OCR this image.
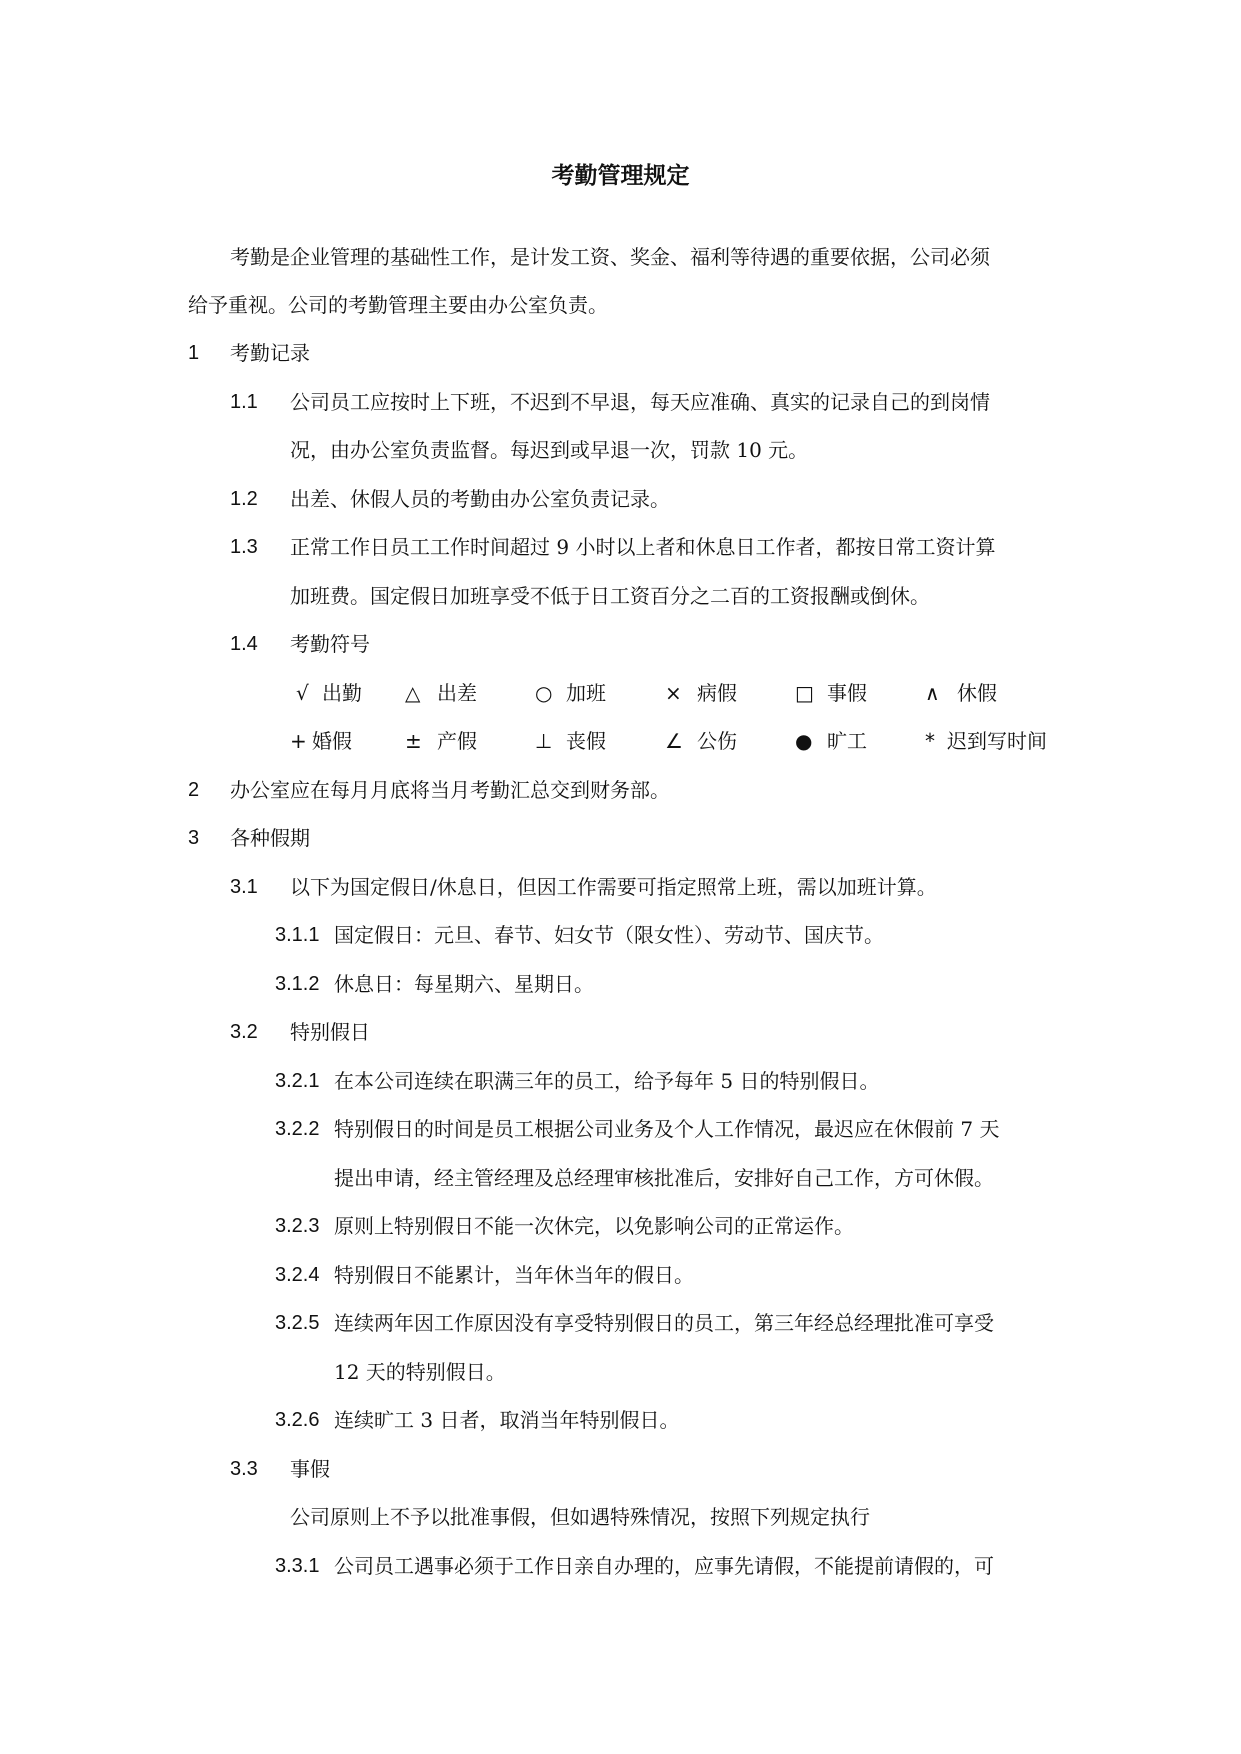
考勤管理规定
考勤是企业管理的基础性工作，是计发工资、奖金、福利等待遇的重要依据，公司必须
给予重视。公司的考勤管理主要由办公室负责。
1 考勤记录
1.1 公司员工应按时上下班，不迟到不早退，每天应准确、真实的记录自己的到岗情
况，由办公室负责监督。每迟到或早退一次，罚款 10 元。
1.2 出差、休假人员的考勤由办公室负责记录。
1.3 正常工作日员工工作时间超过 9 小时以上者和休息日工作者，都按日常工资计算
加班费。国定假日加班享受不低于日工资百分之二百的工资报酬或倒休。
1.4 考勤符号
√ 出勤 △ 出差	○ 加班	× 病假	□ 事假	∧ 休假
+ 婚假	± 产假	⊥ 丧假	∠ 公伤	● 旷工	* 迟到写时间
2 办公室应在每月月底将当月考勤汇总交到财务部。
3 各种假期
3.1 以下为国定假日/休息日，但因工作需要可指定照常上班，需以加班计算。
3.1.1 国定假日：元旦、春节、妇女节（限女性）、劳动节、国庆节。
3.1.2 休息日：每星期六、星期日。
3.2 特别假日
3.2.1 在本公司连续在职满三年的员工，给予每年 5 日的特别假日。
3.2.2 特别假日的时间是员工根据公司业务及个人工作情况，最迟应在休假前 7 天
提出申请，经主管经理及总经理审核批准后，安排好自己工作，方可休假。
3.2.3 原则上特别假日不能一次休完，以免影响公司的正常运作。
3.2.4 特别假日不能累计，当年休当年的假日。
3.2.5 连续两年因工作原因没有享受特别假日的员工，第三年经总经理批准可享受
12 天的特别假日。
3.2.6 连续旷工 3 日者，取消当年特别假日。
3.3 事假
公司原则上不予以批准事假，但如遇特殊情况，按照下列规定执行
3.3.1 公司员工遇事必须于工作日亲自办理的，应事先请假，不能提前请假的，可
